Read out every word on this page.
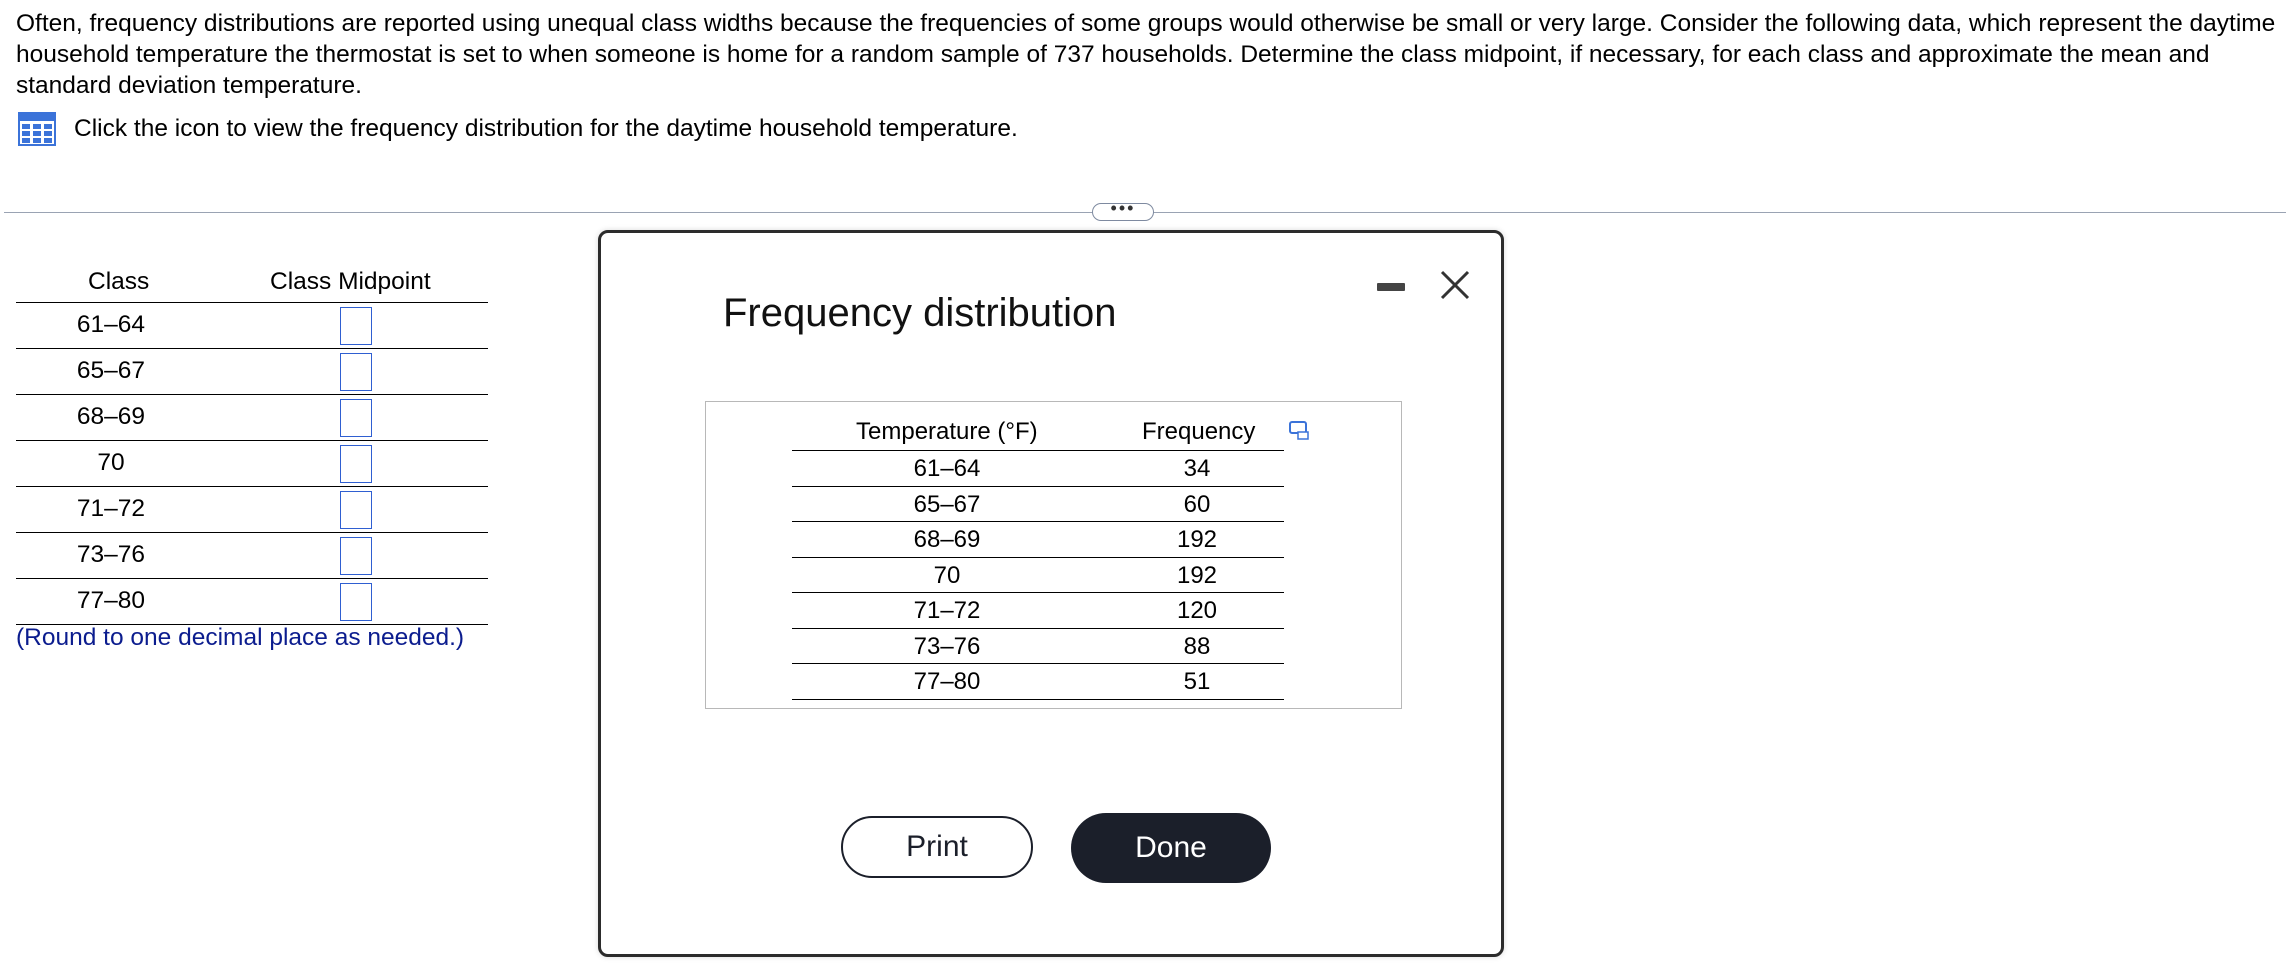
Often, frequency distributions are reported using unequal class widths because the frequencies of some groups would otherwise be small or very large. Consider the following data, which represent the daytime household temperature the thermostat is set to when someone is home for a random sample of 737 households. Determine the class midpoint, if necessary, for each class and approximate the mean and standard deviation temperature.
Click the icon to view the frequency distribution for the daytime household temperature.
•••
Class	Class Midpoint
61–64
65–67
68–69
70
71–72
73–76
77–80
(Round to one decimal place as needed.)
Frequency distribution
Temperature (°F)	Frequency
61–64	34
65–67	60
68–69	192
70	192
71–72	120
73–76	88
77–80	51
Print	Done
